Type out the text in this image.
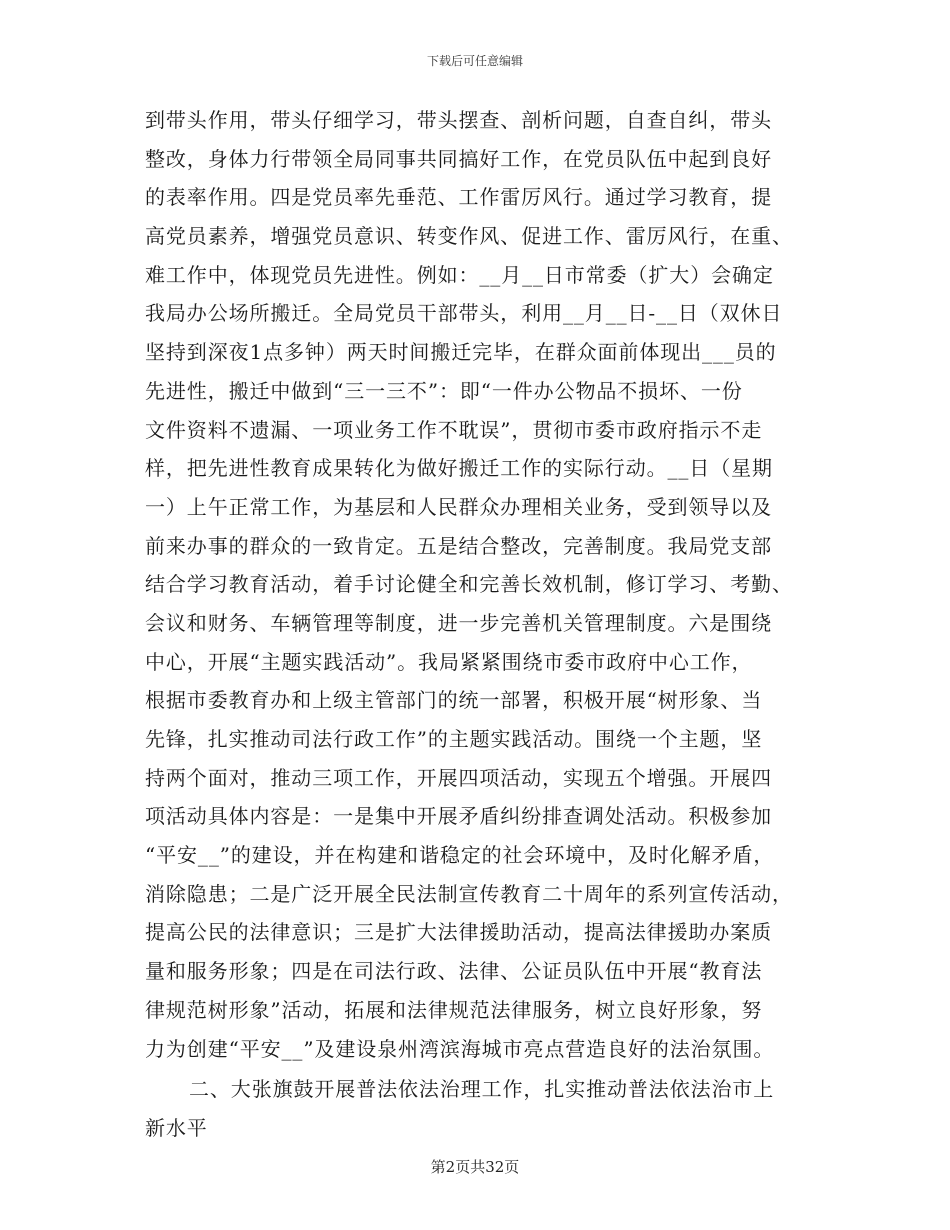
下载后可任意编辑
到带头作用，带头仔细学习，带头摆查、剖析问题，自查自纠，带头
整改，身体力行带领全局同事共同搞好工作，在党员队伍中起到良好
的表率作用。四是党员率先垂范、工作雷厉风行。通过学习教育，提
高党员素养，增强党员意识、转变作风、促进工作、雷厉风行，在重、
难工作中，体现党员先进性。例如：__月__日市常委（扩大）会确定
我局办公场所搬迁。全局党员干部带头，利用__月__日-__日（双休日
坚持到深夜1点多钟）两天时间搬迁完毕，在群众面前体现出___员的
先进性，搬迁中做到“三一三不”：即“一件办公物品不损坏、一份
文件资料不遗漏、一项业务工作不耽误”，贯彻市委市政府指示不走
样，把先进性教育成果转化为做好搬迁工作的实际行动。__日（星期
一）上午正常工作，为基层和人民群众办理相关业务，受到领导以及
前来办事的群众的一致肯定。五是结合整改，完善制度。我局党支部
结合学习教育活动，着手讨论健全和完善长效机制，修订学习、考勤、
会议和财务、车辆管理等制度，进一步完善机关管理制度。六是围绕
中心，开展“主题实践活动”。我局紧紧围绕市委市政府中心工作，
根据市委教育办和上级主管部门的统一部署，积极开展“树形象、当
先锋，扎实推动司法行政工作”的主题实践活动。围绕一个主题，坚
持两个面对，推动三项工作，开展四项活动，实现五个增强。开展四
项活动具体内容是：一是集中开展矛盾纠纷排查调处活动。积极参加
“平安__”的建设，并在构建和谐稳定的社会环境中，及时化解矛盾，
消除隐患；二是广泛开展全民法制宣传教育二十周年的系列宣传活动，
提高公民的法律意识；三是扩大法律援助活动，提高法律援助办案质
量和服务形象；四是在司法行政、法律、公证员队伍中开展“教育法
律规范树形象”活动，拓展和法律规范法律服务，树立良好形象，努
力为创建“平安__”及建设泉州湾滨海城市亮点营造良好的法治氛围。
二、大张旗鼓开展普法依法治理工作，扎实推动普法依法治市上
新水平
第2页共32页
